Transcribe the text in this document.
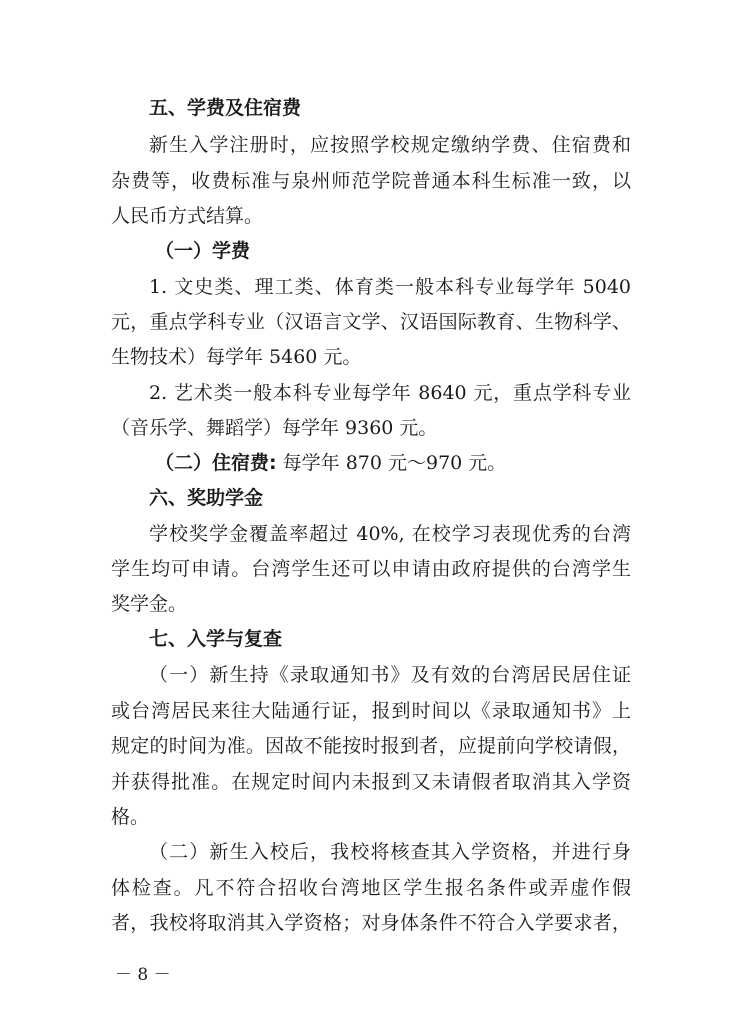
五、学费及住宿费
新生入学注册时，应按照学校规定缴纳学费、住宿费和
杂费等，收费标准与泉州师范学院普通本科生标准一致，以
人民币方式结算。
（一）学费
1. 文史类、理工类、体育类一般本科专业每学年 5040
元，重点学科专业（汉语言文学、汉语国际教育、生物科学、
生物技术）每学年 5460 元。
2. 艺术类一般本科专业每学年 8640 元，重点学科专业
（音乐学、舞蹈学）每学年 9360 元。
（二）住宿费: 每学年 870 元～970 元。
六、奖助学金
学校奖学金覆盖率超过 40%, 在校学习表现优秀的台湾
学生均可申请。台湾学生还可以申请由政府提供的台湾学生
奖学金。
七、入学与复查
（一）新生持《录取通知书》及有效的台湾居民居住证
或台湾居民来往大陆通行证，报到时间以《录取通知书》上
规定的时间为准。因故不能按时报到者，应提前向学校请假，
并获得批准。在规定时间内未报到又未请假者取消其入学资
格。
（二）新生入校后，我校将核查其入学资格，并进行身
体检查。凡不符合招收台湾地区学生报名条件或弄虚作假
者，我校将取消其入学资格；对身体条件不符合入学要求者，
－ 8 －
